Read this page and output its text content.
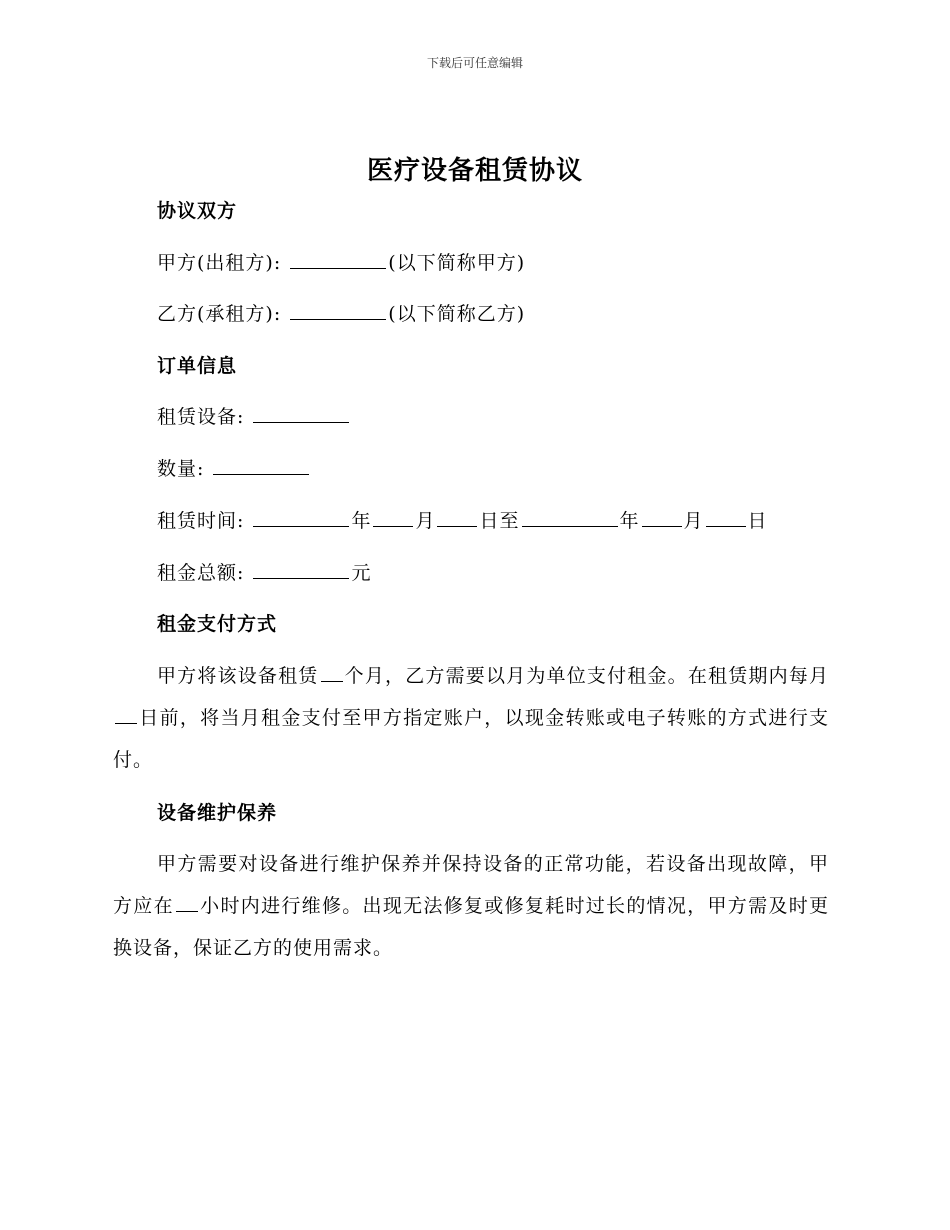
下载后可任意编辑
医疗设备租赁协议
协议双方
甲方(出租方):	(以下简称甲方)
乙方(承租方):	(以下简称乙方)
订单信息
租赁设备:
数量:
租赁时间:	年 月 日至	年 月 日
租金总额:	元
租金支付方式
甲方将该设备租赁 个月，乙方需要以月为单位支付租金。在租赁期内每月日前，将当月租金支付至甲方指定账户，以现金转账或电子转账的方式进行支付。
设备维护保养
甲方需要对设备进行维护保养并保持设备的正常功能，若设备出现故障，甲方应在 小时内进行维修。出现无法修复或修复耗时过长的情况，甲方需及时更换设备，保证乙方的使用需求。
